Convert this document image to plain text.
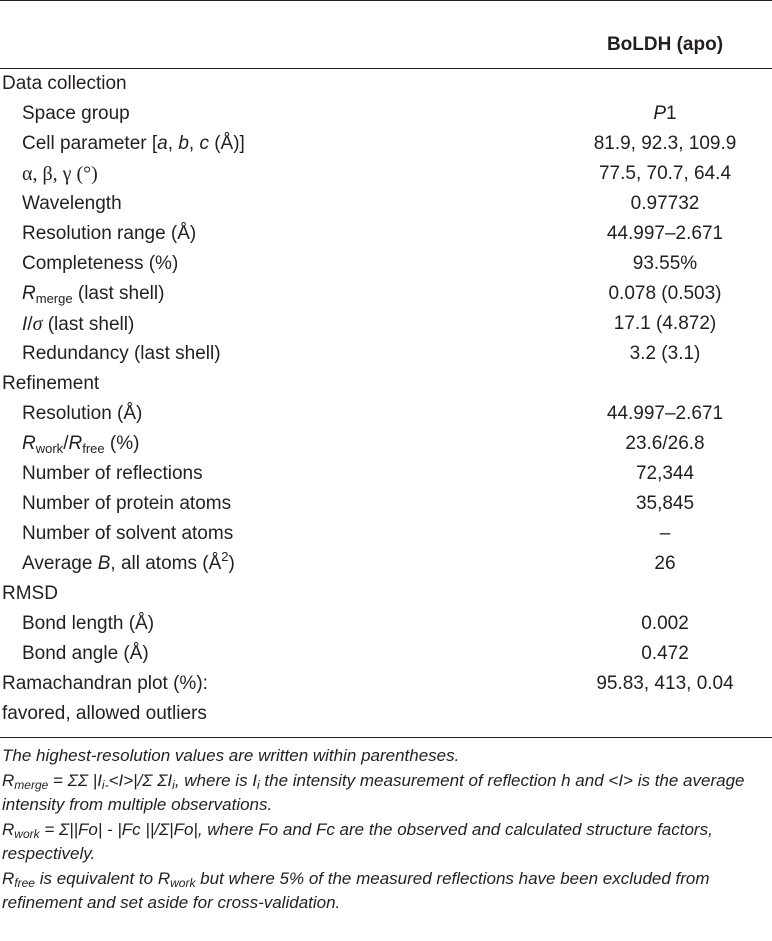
BoLDH (apo)
Data collection
Space group	P1
Cell parameter [a, b, c (Å)]	81.9, 92.3, 109.9
α, β, γ (°)	77.5, 70.7, 64.4
Wavelength	0.97732
Resolution range (Å)	44.997–2.671
Completeness (%)	93.55%
$R_{merge}$ (last shell)	0.078 (0.503)
I/σ (last shell)	17.1 (4.872)
Redundancy (last shell)	3.2 (3.1)
Refinement
Resolution (Å)	44.997–2.671
$R_{work}/R_{free}$ (%)	23.6/26.8
Number of reflections	72,344
Number of protein atoms	35,845
Number of solvent atoms	–
Average B, all atoms $(Å^2)$	26
RMSD
Bond length (Å)	0.002
Bond angle (Å)	0.472
Ramachandran plot (%):	95.83, 413, 0.04
favored, allowed outliers

The highest-resolution values are written within parentheses.

$R_{merge} = \Sigma\Sigma$ $|I_{i-}<I>|/\Sigma$ $\Sigma I_i$, where is $I_i$ the intensity measurement of reflection h and <I> is the average intensity from multiple observations.

$R_{work} = \Sigma||Fo| - |Fc$ ||/Σ|Fo|, where Fo and Fc are the observed and calculated structure factors, respectively.

$R_{free}$ is equivalent to $R_{work}$ but where 5% of the measured reflections have been excluded from refinement and set aside for cross-validation.
